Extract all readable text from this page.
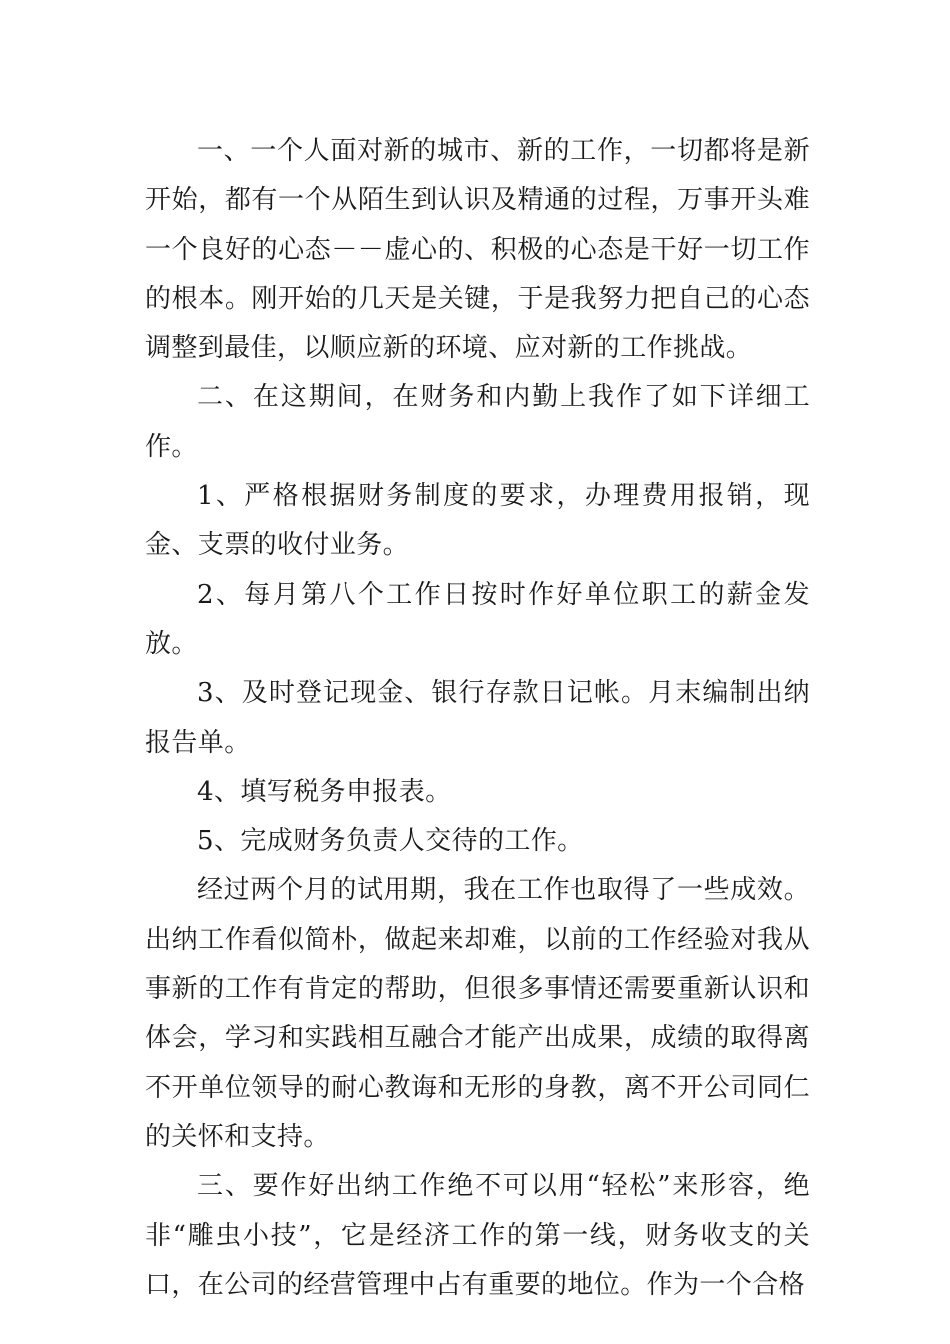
一、一个人面对新的城市、新的工作，一切都将是新开始，都有一个从陌生到认识及精通的过程，万事开头难一个良好的心态－－虚心的、积极的心态是干好一切工作的根本。刚开始的几天是关键，于是我努力把自己的心态调整到最佳，以顺应新的环境、应对新的工作挑战。

二、在这期间，在财务和内勤上我作了如下详细工作。

1、严格根据财务制度的要求，办理费用报销，现金、支票的收付业务。

2、每月第八个工作日按时作好单位职工的薪金发放。

3、及时登记现金、银行存款日记帐。月末编制出纳报告单。

4、填写税务申报表。

5、完成财务负责人交待的工作。

经过两个月的试用期，我在工作也取得了一些成效。出纳工作看似简朴，做起来却难，以前的工作经验对我从事新的工作有肯定的帮助，但很多事情还需要重新认识和体会，学习和实践相互融合才能产出成果，成绩的取得离不开单位领导的耐心教诲和无形的身教，离不开公司同仁的关怀和支持。

三、要作好出纳工作绝不可以用“轻松”来形容，绝非“雕虫小技”，它是经济工作的第一线，财务收支的关口，在公司的经营管理中占有重要的地位。作为一个合格
